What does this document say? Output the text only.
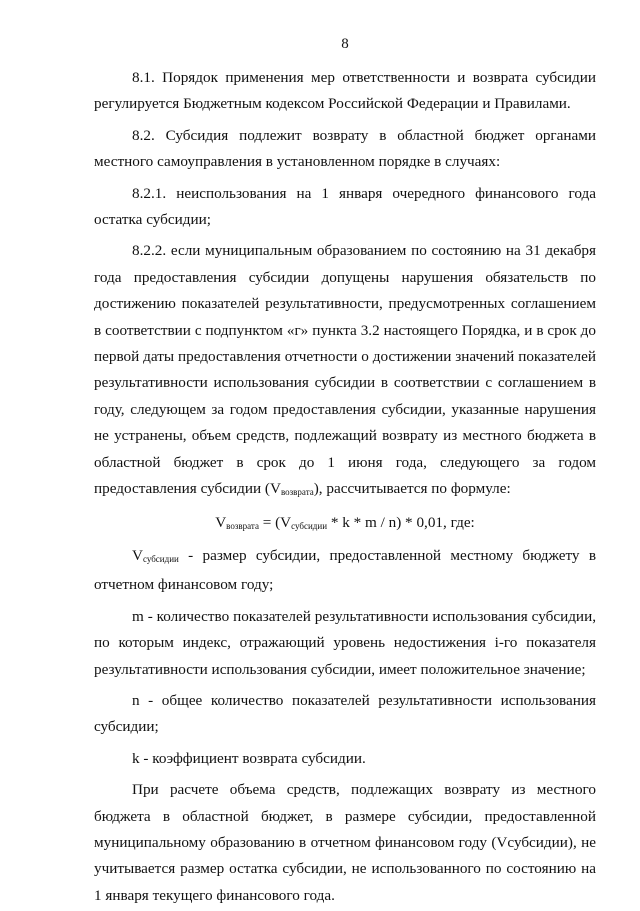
8

8.1. Порядок применения мер ответственности и возврата субсидии регулируется Бюджетным кодексом Российской Федерации и Правилами.

8.2. Субсидия подлежит возврату в областной бюджет органами местного самоуправления в установленном порядке в случаях:

8.2.1. неиспользования на 1 января очередного финансового года остатка субсидии;

8.2.2. если муниципальным образованием по состоянию на 31 декабря года предоставления субсидии допущены нарушения обязательств по достижению показателей результативности, предусмотренных соглашением в соответствии с подпунктом «г» пункта 3.2 настоящего Порядка, и в срок до первой даты предоставления отчетности о достижении значений показателей результативности использования субсидии в соответствии с соглашением в году, следующем за годом предоставления субсидии, указанные нарушения не устранены, объем средств, подлежащий возврату из местного бюджета в областной бюджет в срок до 1 июня года, следующего за годом предоставления субсидии $(V_{возврата})$, рассчитывается по формуле:

$V_{возврата} = (V_{субсидии} * k * m / n) * 0,01$, где:

$V_{субсидии}$ - размер субсидии, предоставленной местному бюджету в отчетном финансовом году;

m - количество показателей результативности использования субсидии, по которым индекс, отражающий уровень недостижения i-го показателя результативности использования субсидии, имеет положительное значение;

n - общее количество показателей результативности использования субсидии;

k - коэффициент возврата субсидии.

При расчете объема средств, подлежащих возврату из местного бюджета в областной бюджет, в размере субсидии, предоставленной муниципальному образованию в отчетном финансовом году (Vсубсидии), не учитывается размер остатка субсидии, не использованного по состоянию на 1 января текущего финансового года.
